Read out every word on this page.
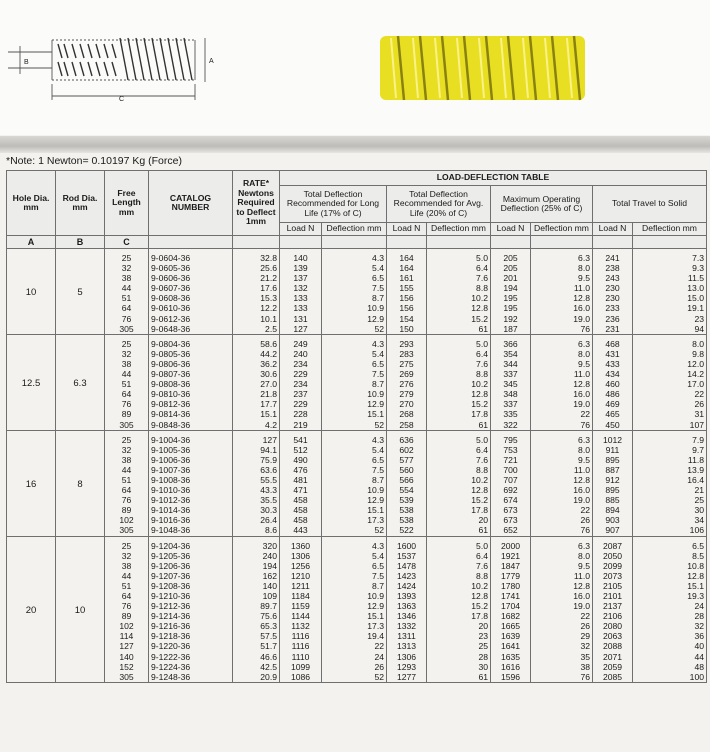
B	A
C
*Note: 1 Newton= 0.10197 Kg (Force)
Hole Dia. mm	Rod Dia. mm	Free Length mm	CATALOG NUMBER	RATE* Newtons Required to Deflect 1mm	LOAD-DEFLECTION TABLE							
					Total Deflection Recommended for Long Life (17% of C)		Total Deflection Recommended for Avg. Life (20% of C)		Maximum Operating Deflection (25% of C)		Total Travel to Solid	
					Load N	Deflection mm	Load N	Deflection mm	Load N	Deflection mm	Load N	Deflection mm
A	B	C										
10	5	25	9-0604-36	32.8	140	4.3	164	5.0	205	6.3	241	7.3
		32	9-0605-36	25.6	139	5.4	164	6.4	205	8.0	238	9.3
		38	9-0606-36	21.2	137	6.5	161	7.6	201	9.5	243	11.5
		44	9-0607-36	17.6	132	7.5	155	8.8	194	11.0	230	13.0
		51	9-0608-36	15.3	133	8.7	156	10.2	195	12.8	230	15.0
		64	9-0610-36	12.2	133	10.9	156	12.8	195	16.0	233	19.1
		76	9-0612-36	10.1	131	12.9	154	15.2	192	19.0	236	23
		305	9-0648-36	2.5	127	52	150	61	187	76	231	94
12.5	6.3	25	9-0804-36	58.6	249	4.3	293	5.0	366	6.3	468	8.0
		32	9-0805-36	44.2	240	5.4	283	6.4	354	8.0	431	9.8
		38	9-0806-36	36.2	234	6.5	275	7.6	344	9.5	433	12.0
		44	9-0807-36	30.6	229	7.5	269	8.8	337	11.0	434	14.2
		51	9-0808-36	27.0	234	8.7	276	10.2	345	12.8	460	17.0
		64	9-0810-36	21.8	237	10.9	279	12.8	348	16.0	486	22
		76	9-0812-36	17.7	229	12.9	270	15.2	337	19.0	469	26
		89	9-0814-36	15.1	228	15.1	268	17.8	335	22	465	31
		305	9-0848-36	4.2	219	52	258	61	322	76	450	107
16	8	25	9-1004-36	127	541	4.3	636	5.0	795	6.3	1012	7.9
		32	9-1005-36	94.1	512	5.4	602	6.4	753	8.0	911	9.7
		38	9-1006-36	75.9	490	6.5	577	7.6	721	9.5	895	11.8
		44	9-1007-36	63.6	476	7.5	560	8.8	700	11.0	887	13.9
		51	9-1008-36	55.5	481	8.7	566	10.2	707	12.8	912	16.4
		64	9-1010-36	43.3	471	10.9	554	12.8	692	16.0	895	21
		76	9-1012-36	35.5	458	12.9	539	15.2	674	19.0	885	25
		89	9-1014-36	30.3	458	15.1	538	17.8	673	22	894	30
		102	9-1016-36	26.4	458	17.3	538	20	673	26	903	34
		305	9-1048-36	8.6	443	52	522	61	652	76	907	106
20	10	25	9-1204-36	320	1360	4.3	1600	5.0	2000	6.3	2087	6.5
		32	9-1205-36	240	1306	5.4	1537	6.4	1921	8.0	2050	8.5
		38	9-1206-36	194	1256	6.5	1478	7.6	1847	9.5	2099	10.8
		44	9-1207-36	162	1210	7.5	1423	8.8	1779	11.0	2073	12.8
		51	9-1208-36	140	1211	8.7	1424	10.2	1780	12.8	2105	15.1
		64	9-1210-36	109	1184	10.9	1393	12.8	1741	16.0	2101	19.3
		76	9-1212-36	89.7	1159	12.9	1363	15.2	1704	19.0	2137	24
		89	9-1214-36	75.6	1144	15.1	1346	17.8	1682	22	2106	28
		102	9-1216-36	65.3	1132	17.3	1332	20	1665	26	2080	32
		114	9-1218-36	57.5	1116	19.4	1311	23	1639	29	2063	36
		127	9-1220-36	51.7	1116	22	1313	25	1641	32	2088	40
		140	9-1222-36	46.6	1110	24	1306	28	1635	35	2071	44
		152	9-1224-36	42.5	1099	26	1293	30	1616	38	2059	48
		305	9-1248-36	20.9	1086	52	1277	61	1596	76	2085	100
